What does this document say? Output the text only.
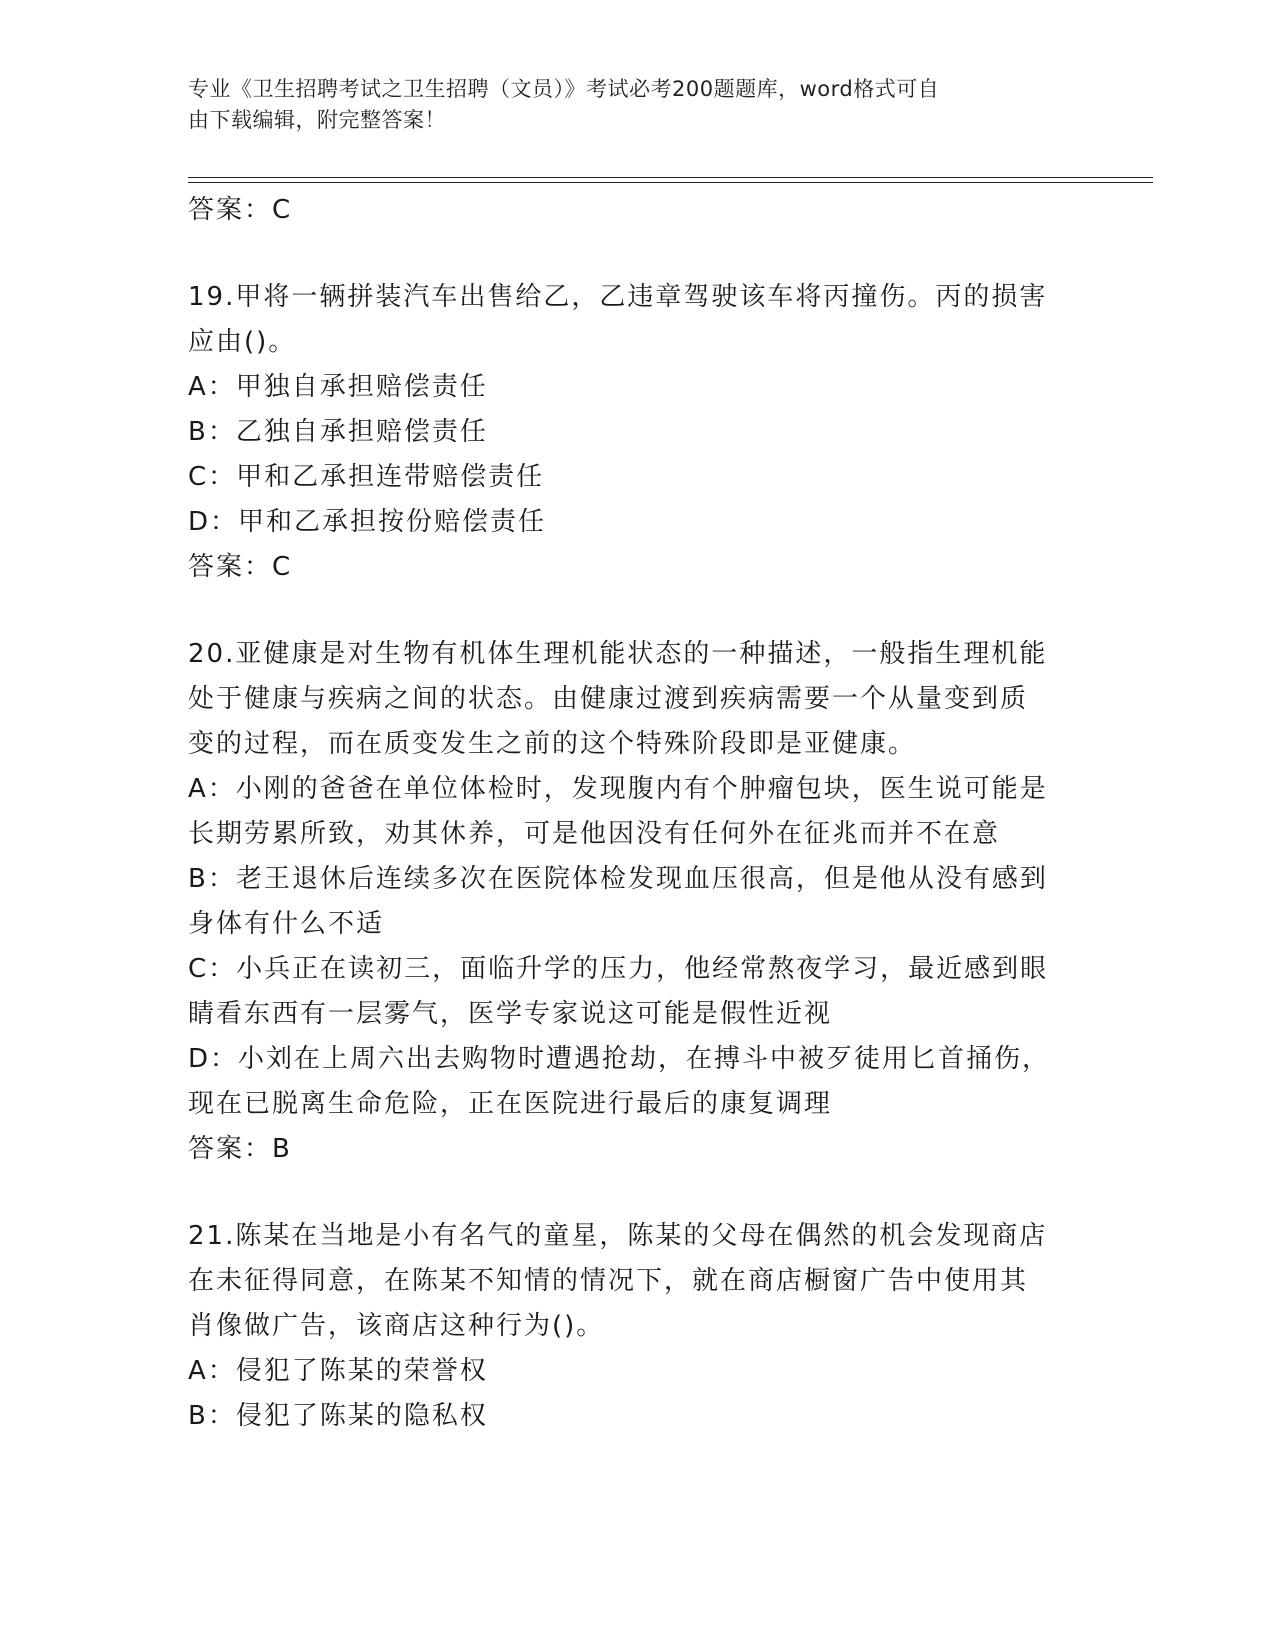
专业《卫生招聘考试之卫生招聘（文员）》考试必考200题题库，word格式可自
由下载编辑，附完整答案！
答案：C
19.甲将一辆拼装汽车出售给乙，乙违章驾驶该车将丙撞伤。丙的损害
应由()。
A：甲独自承担赔偿责任
B：乙独自承担赔偿责任
C：甲和乙承担连带赔偿责任
D：甲和乙承担按份赔偿责任
答案：C
20.亚健康是对生物有机体生理机能状态的一种描述，一般指生理机能
处于健康与疾病之间的状态。由健康过渡到疾病需要一个从量变到质
变的过程，而在质变发生之前的这个特殊阶段即是亚健康。
A：小刚的爸爸在单位体检时，发现腹内有个肿瘤包块，医生说可能是
长期劳累所致，劝其休养，可是他因没有任何外在征兆而并不在意
B：老王退休后连续多次在医院体检发现血压很高，但是他从没有感到
身体有什么不适
C：小兵正在读初三，面临升学的压力，他经常熬夜学习，最近感到眼
睛看东西有一层雾气，医学专家说这可能是假性近视
D：小刘在上周六出去购物时遭遇抢劫，在搏斗中被歹徒用匕首捅伤，
现在已脱离生命危险，正在医院进行最后的康复调理
答案：B
21.陈某在当地是小有名气的童星，陈某的父母在偶然的机会发现商店
在未征得同意，在陈某不知情的情况下，就在商店橱窗广告中使用其
肖像做广告，该商店这种行为()。
A：侵犯了陈某的荣誉权
B：侵犯了陈某的隐私权
